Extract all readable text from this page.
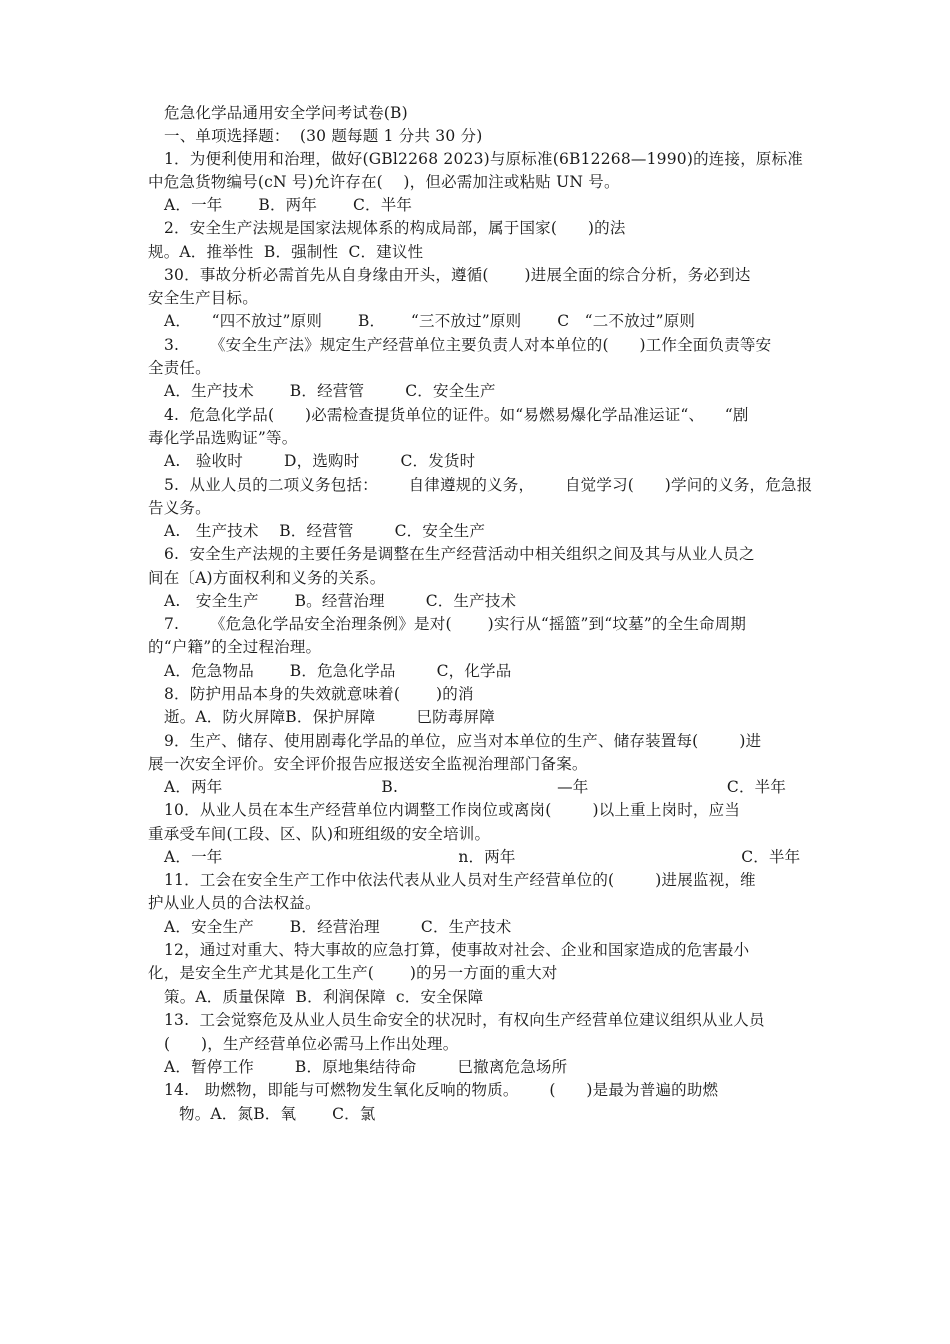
危急化学品通用安全学问考试卷(B)
一、单项选择题：  (30 题每题 1 分共 30 分)
1．为便利使用和治理，做好(GBl2268 2023)与原标准(6B12268—1990)的连接，原标准
中危急货物编号(cN 号)允许存在(    )，但必需加注或粘贴 UN 号。
A．一年       B．两年       C．半年
2．安全生产法规是国家法规体系的构成局部，属于国家(      )的法
规。A．推举性  B．强制性  C．建议性
30．事故分析必需首先从自身缘由开头，遵循(       )进展全面的综合分析，务必到达
安全生产目标。
A．    “四不放过”原则       B．     “三不放过”原则       C   “二不放过”原则
3.      《安全生产法》规定生产经营单位主要负责人对本单位的(      )工作全面负责等安
全责任。
A．生产技术       B．经营管        C．安全生产
4.  危急化学品(      )必需检查提货单位的证件。如“易燃易爆化学品准运证“、    “剧
毒化学品选购证”等。
A.   验收时        D，选购时        C．发货时
5.  从业人员的二项义务包括：      自律遵规的义务，      自觉学习(      )学问的义务，危急报
告义务。
A.   生产技术    B．经营管        C．安全生产
6.  安全生产法规的主要任务是调整在生产经营活动中相关组织之间及其与从业人员之
间在〔A)方面权利和义务的关系。
A.   安全生产       B。经营治理        C．生产技术
7.      《危急化学品安全治理条例》是对(       )实行从“摇篮”到“坟墓”的全生命周期
的“户籍”的全过程治理。
A．危急物品       B．危急化学品        C，化学品
8．防护用品本身的失效就意味着(       )的消
逝。A．防火屏障B．保护屏障        巳防毒屏障
9．生产、储存、使用剧毒化学品的单位，应当对本单位的生产、储存装置每(        )进
展一次安全评价。安全评价报告应报送安全监视治理部门备案。
A．两年                               B.                               —年                           C．半年
10．从业人员在本生产经营单位内调整工作岗位或离岗(        )以上重上岗时，应当
重承受车间(工段、区、队)和班组级的安全培训。
A．一年                                              n．两年                                            C．半年
11．工会在安全生产工作中依法代表从业人员对生产经营单位的(        )进展监视，维
护从业人员的合法权益。
A．安全生产       B．经营治理        C．生产技术
12，通过对重大、特大事故的应急打算，使事故对社会、企业和国家造成的危害最小
化，是安全生产尤其是化工生产(       )的另一方面的重大对
策。A．质量保障  B．利润保障  c．安全保障
13.  工会觉察危及从业人员生命安全的状况时，有权向生产经营单位建议组织从业人员
(      )，生产经营单位必需马上作出处理。
A．暂停工作        B．原地集结待命        巳撤离危急场所
14.   助燃物，即能与可燃物发生氧化反响的物质。      (      )是最为普遍的助燃
物。A．氮B．氧       C．氯
